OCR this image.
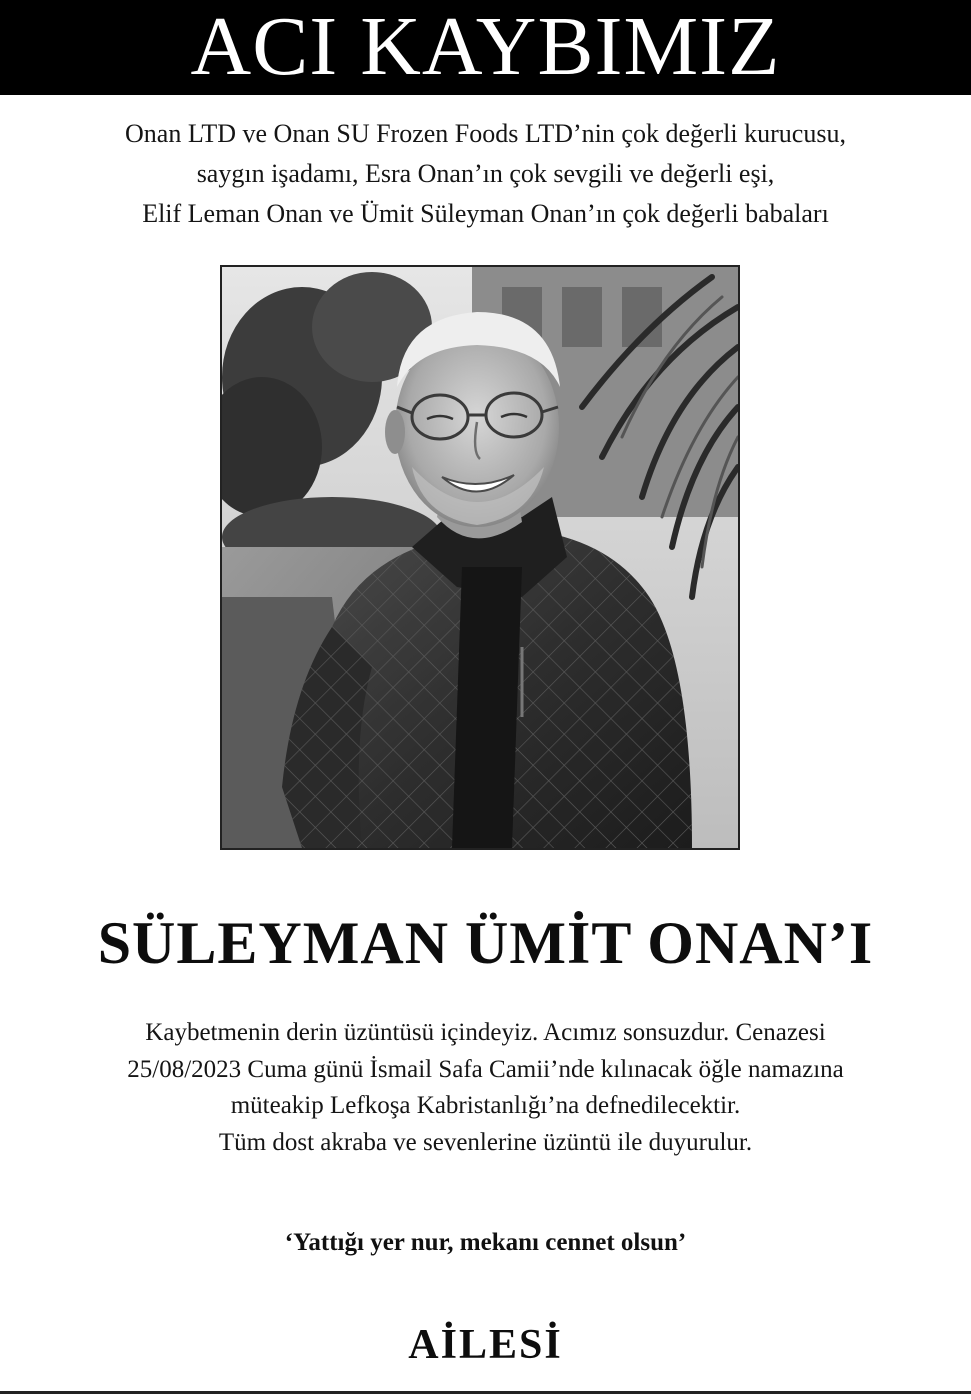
ACI KAYBIMIZ
Onan LTD ve Onan SU Frozen Foods LTD’nin çok değerli kurucusu,
saygın işadamı, Esra Onan’ın çok sevgili ve değerli eşi,
Elif Leman Onan ve Ümit Süleyman Onan’ın çok değerli babaları
SÜLEYMAN ÜMİT ONAN’I
Kaybetmenin derin üzüntüsü içindeyiz. Acımız sonsuzdur. Cenazesi
25/08/2023 Cuma günü İsmail Safa Camii’nde kılınacak öğle namazına
müteakip Lefkoşa Kabristanlığı’na defnedilecektir.
Tüm dost akraba ve sevenlerine üzüntü ile duyurulur.
‘Yattığı yer nur, mekanı cennet olsun’
AİLESİ
